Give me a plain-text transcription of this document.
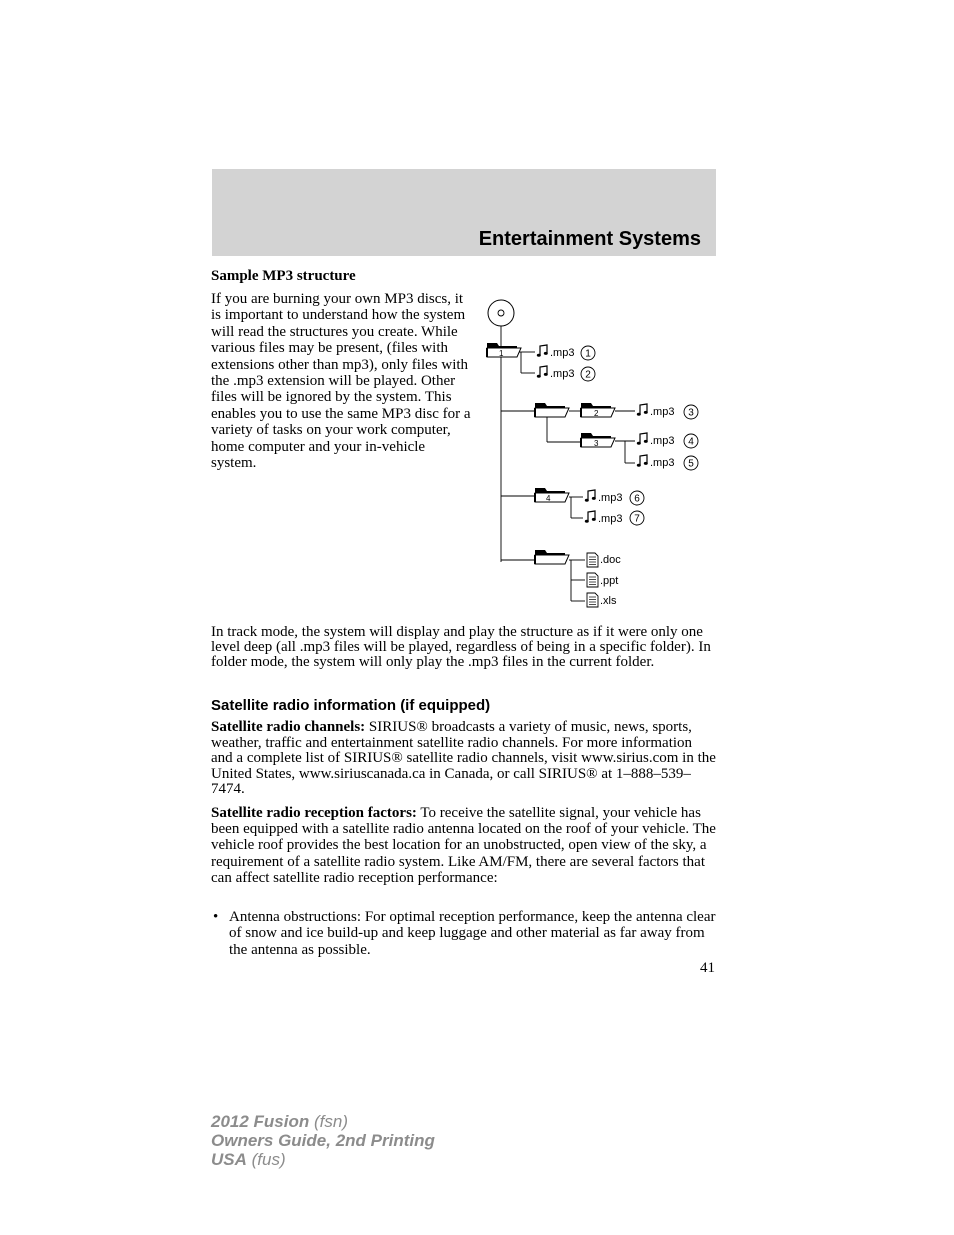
Entertainment Systems
Sample MP3 structure
If you are burning your own MP3 discs, it is important to understand how the system will read the structures you create. While various files may be present, (files with extensions other than mp3), only files with the .mp3 extension will be played. Other files will be ignored by the system. This enables you to use the same MP3 disc for a variety of tasks on your work computer, home computer and your in-vehicle system.
1	.mp3 1
.mp3 2
2	.mp3 3
3	.mp3 4
.mp3 5
4	.mp3 6
.mp3 7
.doc
.ppt
.xls
In track mode, the system will display and play the structure as if it were only one level deep (all .mp3 files will be played, regardless of being in a specific folder). In folder mode, the system will only play the .mp3 files in the current folder.
Satellite radio information (if equipped)
Satellite radio channels: SIRIUS® broadcasts a variety of music, news, sports, weather, traffic and entertainment satellite radio channels. For more information and a complete list of SIRIUS® satellite radio channels, visit www.sirius.com in the United States, www.siriuscanada.ca in Canada, or call SIRIUS® at 1–888–539–7474.
Satellite radio reception factors: To receive the satellite signal, your vehicle has been equipped with a satellite radio antenna located on the roof of your vehicle. The vehicle roof provides the best location for an unobstructed, open view of the sky, a requirement of a satellite radio system. Like AM/FM, there are several factors that can affect satellite radio reception performance:
• Antenna obstructions: For optimal reception performance, keep the antenna clear of snow and ice build-up and keep luggage and other material as far away from the antenna as possible.
41
2012 Fusion (fsn)
Owners Guide, 2nd Printing
USA (fus)
